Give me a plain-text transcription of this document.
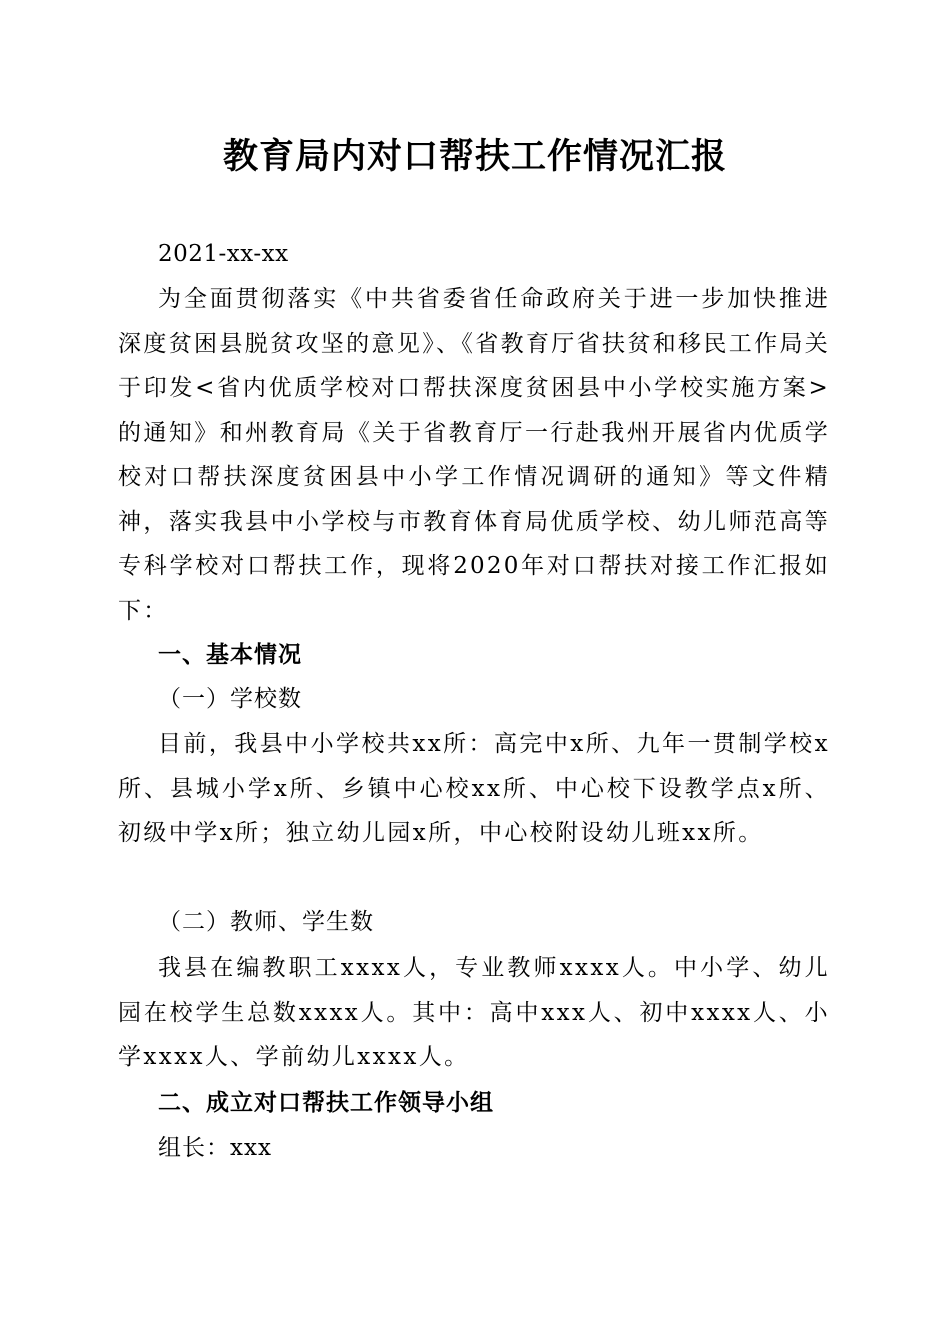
教育局内对口帮扶工作情况汇报
2021-xx-xx

为全面贯彻落实《中共省委省任命政府关于进一步加快推进深度贫困县脱贫攻坚的意见》、《省教育厅省扶贫和移民工作局关于印发<省内优质学校对口帮扶深度贫困县中小学校实施方案>的通知》和州教育局《关于省教育厅一行赴我州开展省内优质学校对口帮扶深度贫困县中小学工作情况调研的通知》等文件精神，落实我县中小学校与市教育体育局优质学校、幼儿师范高等专科学校对口帮扶工作，现将2020年对口帮扶对接工作汇报如下：

一、基本情况
（一）学校数

目前，我县中小学校共xx所：高完中x所、九年一贯制学校x所、县城小学x所、乡镇中心校xx所、中心校下设教学点x所、初级中学x所；独立幼儿园x所，中心校附设幼儿班xx所。

（二）教师、学生数

我县在编教职工xxxx人，专业教师xxxx人。中小学、幼儿园在校学生总数xxxx人。其中：高中xxx人、初中xxxx人、小学xxxx人、学前幼儿xxxx人。

二、成立对口帮扶工作领导小组
组长：xxx
